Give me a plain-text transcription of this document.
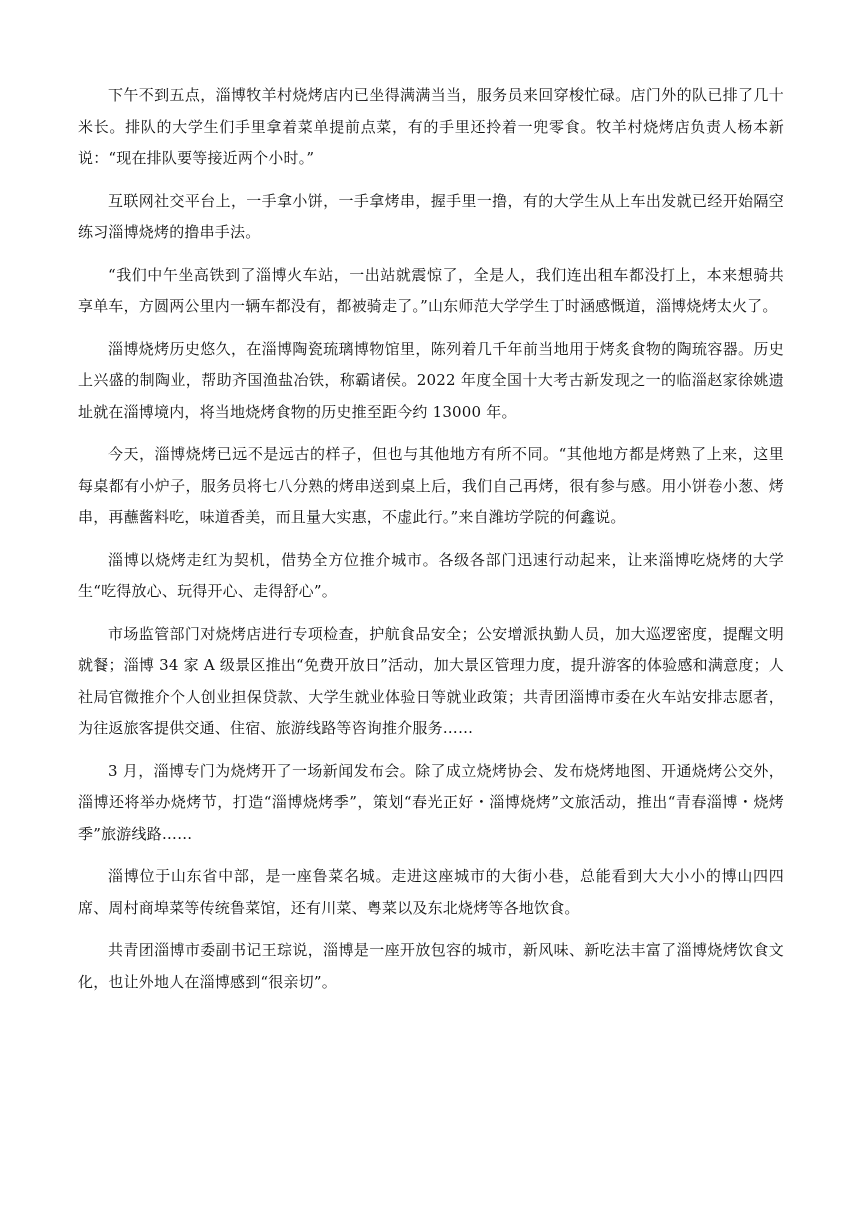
下午不到五点，淄博牧羊村烧烤店内已坐得满满当当，服务员来回穿梭忙碌。店门外的队已排了几十米长。排队的大学生们手里拿着菜单提前点菜，有的手里还拎着一兜零食。牧羊村烧烤店负责人杨本新说：“现在排队要等接近两个小时。”

互联网社交平台上，一手拿小饼，一手拿烤串，握手里一撸，有的大学生从上车出发就已经开始隔空练习淄博烧烤的撸串手法。

“我们中午坐高铁到了淄博火车站，一出站就震惊了，全是人，我们连出租车都没打上，本来想骑共享单车，方圆两公里内一辆车都没有，都被骑走了。”山东师范大学学生丁时涵感慨道，淄博烧烤太火了。

淄博烧烤历史悠久，在淄博陶瓷琉璃博物馆里，陈列着几千年前当地用于烤炙食物的陶琉容器。历史上兴盛的制陶业，帮助齐国渔盐冶铁，称霸诸侯。2022 年度全国十大考古新发现之一的临淄赵家徐姚遗址就在淄博境内，将当地烧烤食物的历史推至距今约 13000 年。

今天，淄博烧烤已远不是远古的样子，但也与其他地方有所不同。“其他地方都是烤熟了上来，这里每桌都有小炉子，服务员将七八分熟的烤串送到桌上后，我们自己再烤，很有参与感。用小饼卷小葱、烤串，再蘸酱料吃，味道香美，而且量大实惠，不虚此行。”来自潍坊学院的何鑫说。

淄博以烧烤走红为契机，借势全方位推介城市。各级各部门迅速行动起来，让来淄博吃烧烤的大学生“吃得放心、玩得开心、走得舒心”。

市场监管部门对烧烤店进行专项检查，护航食品安全；公安增派执勤人员，加大巡逻密度，提醒文明就餐；淄博 34 家 A 级景区推出“免费开放日”活动，加大景区管理力度，提升游客的体验感和满意度；人社局官微推介个人创业担保贷款、大学生就业体验日等就业政策；共青团淄博市委在火车站安排志愿者，为往返旅客提供交通、住宿、旅游线路等咨询推介服务……

3 月，淄博专门为烧烤开了一场新闻发布会。除了成立烧烤协会、发布烧烤地图、开通烧烤公交外，淄博还将举办烧烤节，打造“淄博烧烤季”，策划“春光正好・淄博烧烤”文旅活动，推出“青春淄博・烧烤季”旅游线路……

淄博位于山东省中部，是一座鲁菜名城。走进这座城市的大街小巷，总能看到大大小小的博山四四席、周村商埠菜等传统鲁菜馆，还有川菜、粤菜以及东北烧烤等各地饮食。

共青团淄博市委副书记王琮说，淄博是一座开放包容的城市，新风味、新吃法丰富了淄博烧烤饮食文化，也让外地人在淄博感到“很亲切”。
